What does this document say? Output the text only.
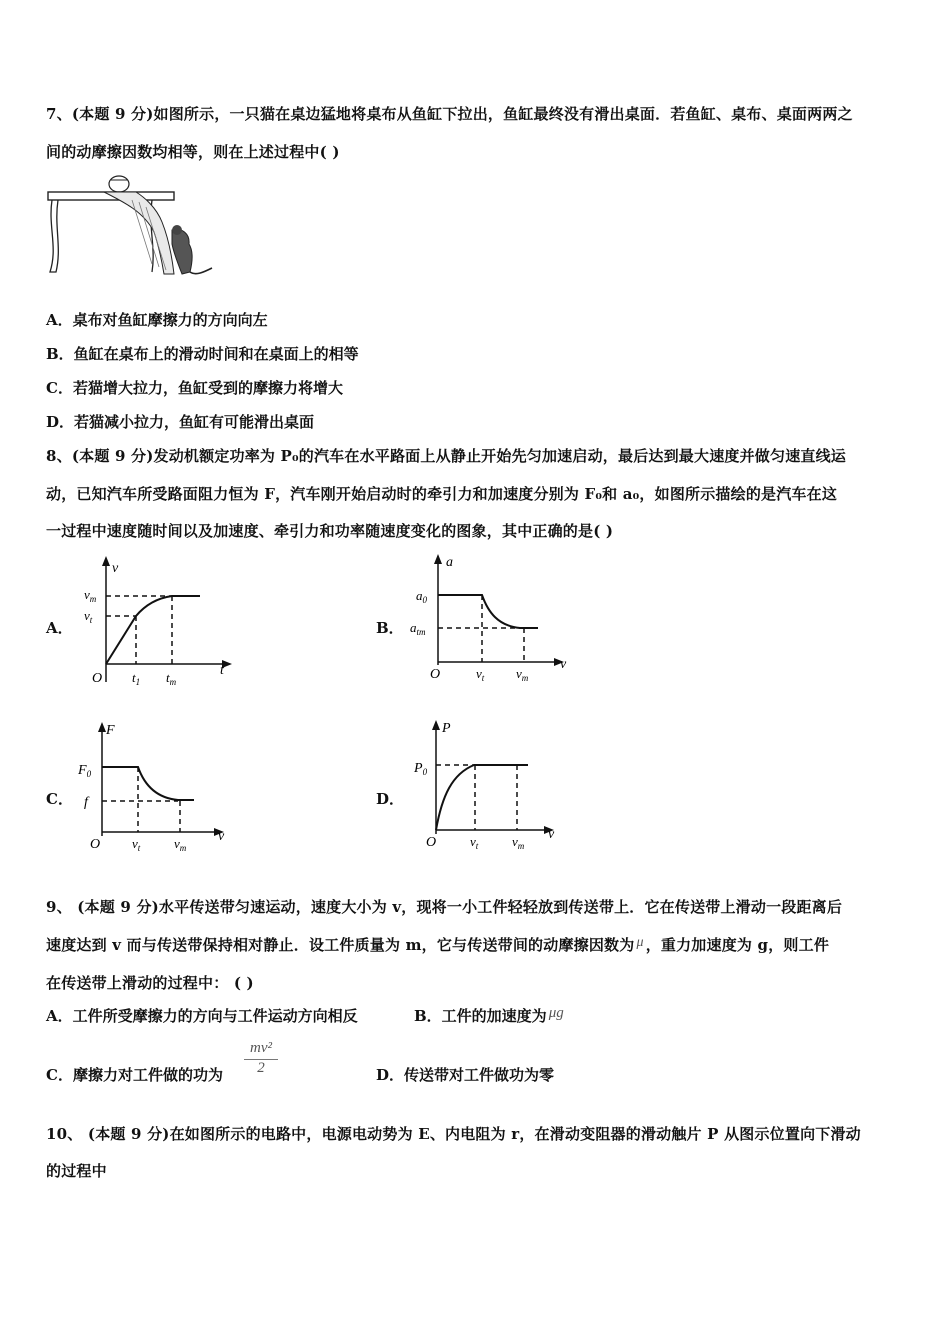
7、(本题 9 分)如图所示，一只猫在桌边猛地将桌布从鱼缸下拉出，鱼缸最终没有滑出桌面．若鱼缸、桌布、桌面两两之
间的动摩擦因数均相等，则在上述过程中( )
A．桌布对鱼缸摩擦力的方向向左
B．鱼缸在桌布上的滑动时间和在桌面上的相等
C．若猫增大拉力，鱼缸受到的摩擦力将增大
D．若猫减小拉力，鱼缸有可能滑出桌面
8、(本题 9 分)发动机额定功率为 P₀的汽车在水平路面上从静止开始先匀加速启动，最后达到最大速度并做匀速直线运
动，已知汽车所受路面阻力恒为 F，汽车刚开始启动时的牵引力和加速度分别为 F₀和 a₀，如图所示描绘的是汽车在这
一过程中速度随时间以及加速度、牵引力和功率随速度变化的图象，其中正确的是( )
A．	B．
C．	D．
v
t
$v_m$
$v_t$
O $t_1$ $t_m$
a
v
$a_0$
$a_{tm}$
O	$v_t$ $v_m$
F
v
$F_0$
f
O $v_t$	$v_m$
P
v
$P_0$
O	$v_t$	$v_m$
9、 (本题 9 分)水平传送带匀速运动，速度大小为 v，现将一小工件轻轻放到传送带上．它在传送带上滑动一段距离后
速度达到 v 而与传送带保持相对静止．设工件质量为 m，它与传送带间的动摩擦因数为 μ ，重力加速度为 g，则工件
在传送带上滑动的过程中： ( )
A．工件所受摩擦力的方向与工件运动方向相反	B．工件的加速度为 μg
C．摩擦力对工件做的功为 $\frac{\text{mv²}}{2}$	D．传送带对工件做功为零
10、 (本题 9 分)在如图所示的电路中，电源电动势为 E、内电阻为 r，在滑动变阻器的滑动触片 P 从图示位置向下滑动
的过程中
